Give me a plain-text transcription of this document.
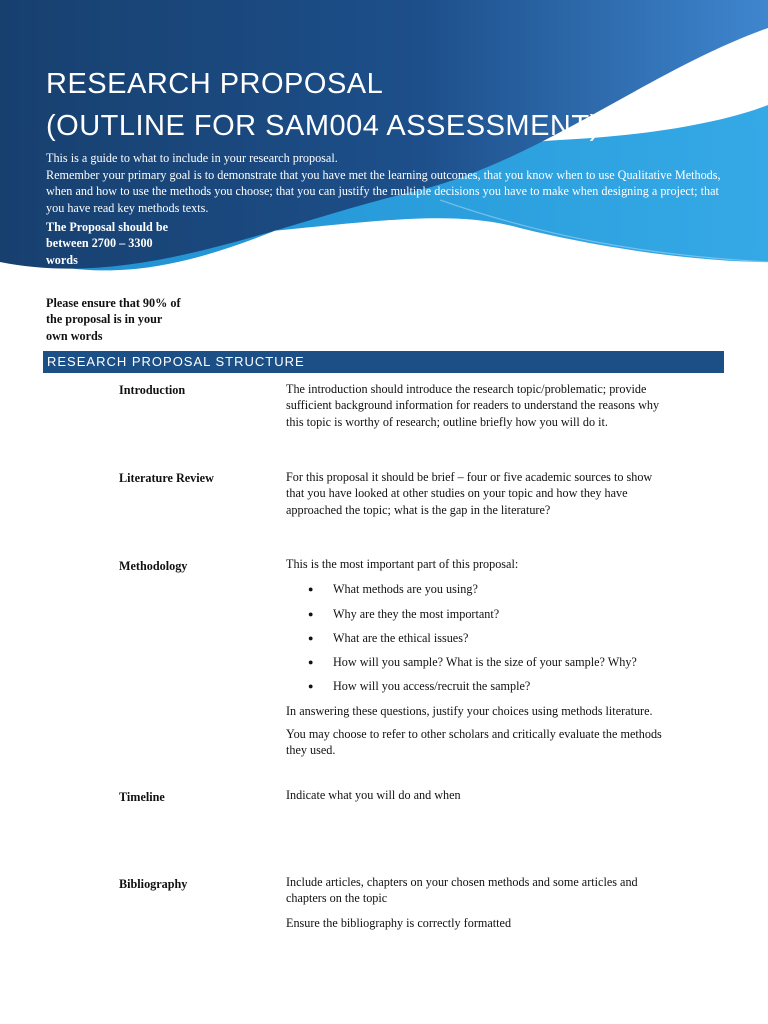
RESEARCH PROPOSAL
(OUTLINE FOR SAM004 ASSESSMENT)

This is a guide to what to include in your research proposal.

Remember your primary goal is to demonstrate that you have met the learning outcomes, that you know when to use Qualitative Methods, when and how to use the methods you choose; that you can justify the multiple decisions you have to make when designing a project; that you have read key methods texts.

The Proposal should be between 2700 – 3300 words
Please ensure that 90% of the proposal is in your own words
RESEARCH PROPOSAL STRUCTURE
Introduction	The introduction should introduce the research topic/problematic; provide sufficient background information for readers to understand the reasons why this topic is worthy of research; outline briefly how you will do it.
Literature Review	For this proposal it should be brief – four or five academic sources to show that you have looked at other studies on your topic and how they have approached the topic; what is the gap in the literature?
Methodology	This is the most important part of this proposal:

● What methods are you using?
● Why are they the most important?
● What are the ethical issues?
● How will you sample? What is the size of your sample? Why?
● How will you access/recruit the sample?

In answering these questions, justify your choices using methods literature.

You may choose to refer to other scholars and critically evaluate the methods they used.

Timeline	Indicate what you will do and when
Bibliography	Include articles, chapters on your chosen methods and some articles and chapters on the topic

Ensure the bibliography is correctly formatted
